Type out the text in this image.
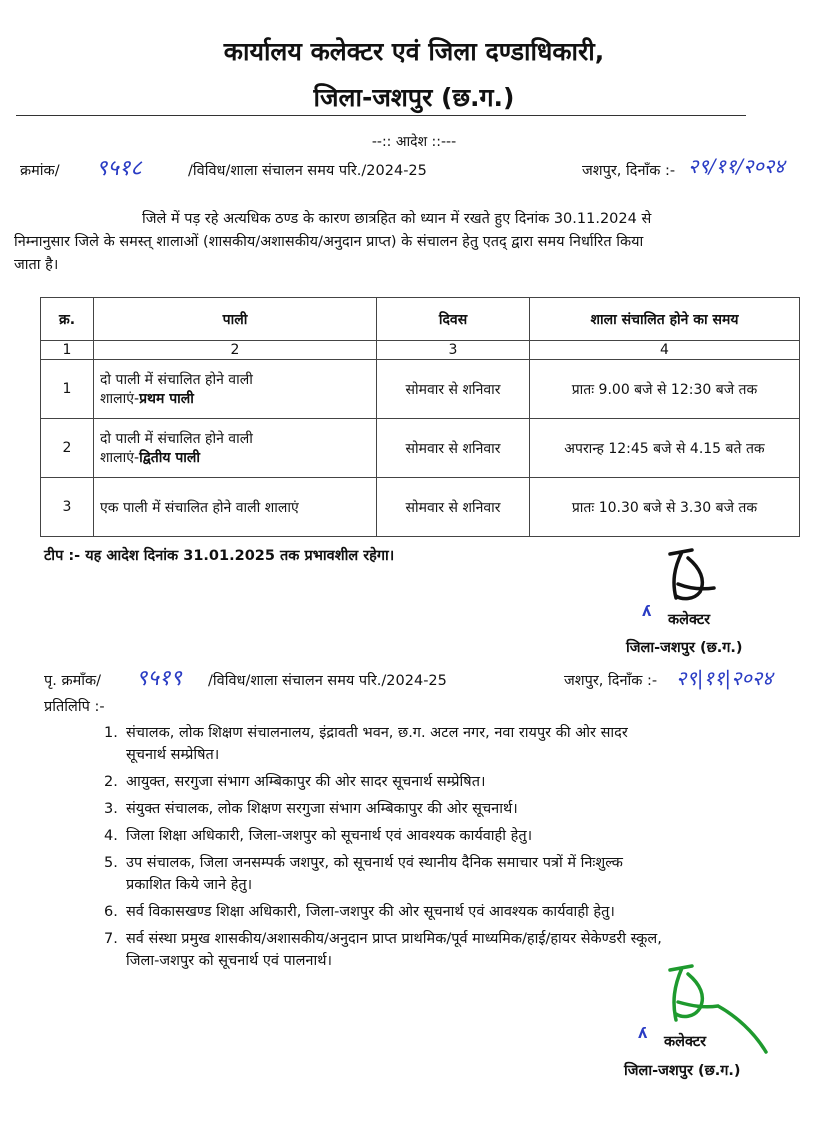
कार्यालय कलेक्टर एवं जिला दण्डाधिकारी,
जिला-जशपुर (छ.ग.)
--:: आदेश ::---
क्रमांक/ ९५१८	/विविध/शाला संचालन समय परि./2024-25	जशपुर, दिनाँक :- २९/११/२०२४
जिले में पड़ रहे अत्यधिक ठण्ड के कारण छात्रहित को ध्यान में रखते हुए दिनांक 30.11.2024 से
निम्नानुसार जिले के समस्त् शालाओं (शासकीय/अशासकीय/अनुदान प्राप्त) के संचालन हेतु एतद् द्वारा समय निर्धारित किया
जाता है।
क्र.	पाली	दिवस	शाला संचालित होने का समय
1	2	3	4
1	दो पाली में संचालित होने वाली
शालाएं-प्रथम पाली	सोमवार से शनिवार	प्रातः 9.00 बजे से 12:30 बजे तक
2	दो पाली में संचालित होने वाली
शालाएं-द्वितीय पाली	सोमवार से शनिवार	अपरान्ह 12:45 बजे से 4.15 बते तक
3	एक पाली में संचालित होने वाली शालाएं	सोमवार से शनिवार	प्रातः 10.30 बजे से 3.30 बजे तक
टीप :- यह आदेश दिनांक 31.01.2025 तक प्रभावशील रहेगा।
ʎ कलेक्टर
जिला-जशपुर (छ.ग.)
पृ. क्रमाँक/ ९५१९ /विविध/शाला संचालन समय परि./2024-25	जशपुर, दिनाँक :- २९|११|२०२४
प्रतिलिपि :-
1. संचालक, लोक शिक्षण संचालनालय, इंद्रावती भवन, छ.ग. अटल नगर, नवा रायपुर की ओर सादर
सूचनार्थ सम्प्रेषित।
2. आयुक्त, सरगुजा संभाग अम्बिकापुर की ओर सादर सूचनार्थ सम्प्रेषित।
3. संयुक्त संचालक, लोक शिक्षण सरगुजा संभाग अम्बिकापुर की ओर सूचनार्थ।
4. जिला शिक्षा अधिकारी, जिला-जशपुर को सूचनार्थ एवं आवश्यक कार्यवाही हेतु।
5. उप संचालक, जिला जनसम्पर्क जशपुर, को सूचनार्थ एवं स्थानीय दैनिक समाचार पत्रों में निःशुल्क
प्रकाशित किये जाने हेतु।
6. सर्व विकासखण्ड शिक्षा अधिकारी, जिला-जशपुर की ओर सूचनार्थ एवं आवश्यक कार्यवाही हेतु।
7. सर्व संस्था प्रमुख शासकीय/अशासकीय/अनुदान प्राप्त प्राथमिक/पूर्व माध्यमिक/हाई/हायर सेकेण्डरी स्कूल,
जिला-जशपुर को सूचनार्थ एवं पालनार्थ।
ʎ कलेक्टर
जिला-जशपुर (छ.ग.)
